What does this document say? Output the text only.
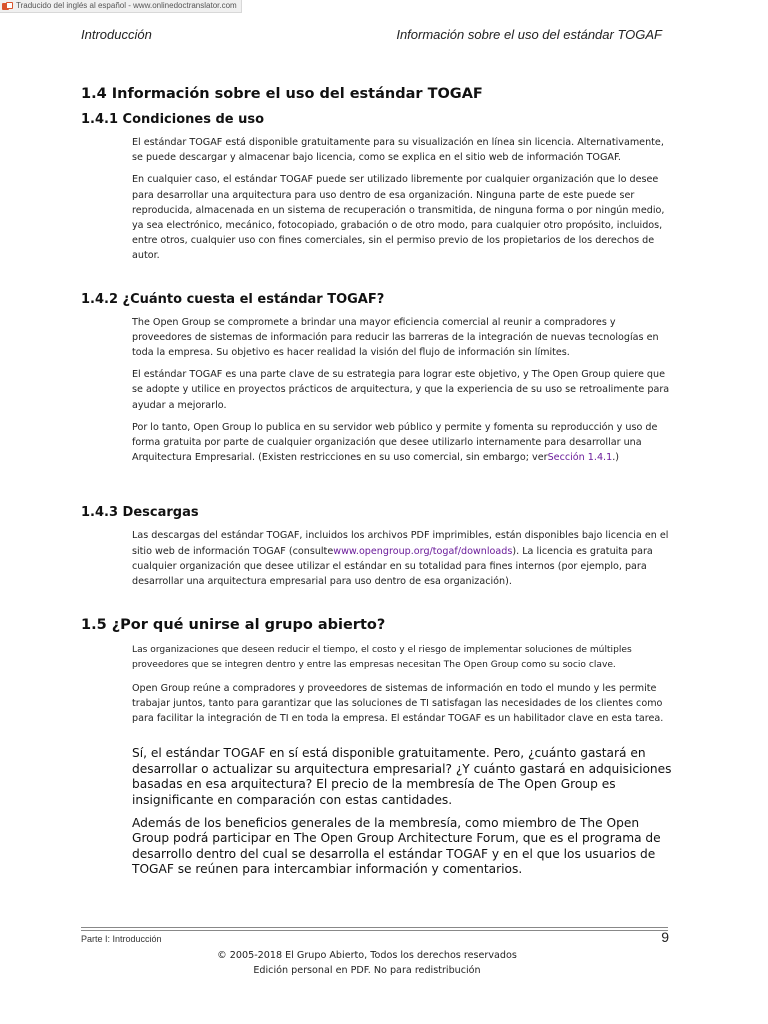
Traducido del inglés al español - www.onlinedoctranslator.com
Introducción	Información sobre el uso del estándar TOGAF
1.4 Información sobre el uso del estándar TOGAF
1.4.1 Condiciones de uso

El estándar TOGAF está disponible gratuitamente para su visualización en línea sin licencia. Alternativamente, se puede descargar y almacenar bajo licencia, como se explica en el sitio web de información TOGAF.

En cualquier caso, el estándar TOGAF puede ser utilizado libremente por cualquier organización que lo desee para desarrollar una arquitectura para uso dentro de esa organización. Ninguna parte de este puede ser reproducida, almacenada en un sistema de recuperación o transmitida, de ninguna forma o por ningún medio, ya sea electrónico, mecánico, fotocopiado, grabación o de otro modo, para cualquier otro propósito, incluidos, entre otros, cualquier uso con fines comerciales, sin el permiso previo de los propietarios de los derechos de autor.

1.4.2 ¿Cuánto cuesta el estándar TOGAF?

The Open Group se compromete a brindar una mayor eficiencia comercial al reunir a compradores y proveedores de sistemas de información para reducir las barreras de la integración de nuevas tecnologías en toda la empresa. Su objetivo es hacer realidad la visión del flujo de información sin límites.

El estándar TOGAF es una parte clave de su estrategia para lograr este objetivo, y The Open Group quiere que se adopte y utilice en proyectos prácticos de arquitectura, y que la experiencia de su uso se retroalimente para ayudar a mejorarlo.

Por lo tanto, Open Group lo publica en su servidor web público y permite y fomenta su reproducción y uso de forma gratuita por parte de cualquier organización que desee utilizarlo internamente para desarrollar una Arquitectura Empresarial. (Existen restricciones en su uso comercial, sin embargo; verSección 1.4.1.)

1.4.3 Descargas

Las descargas del estándar TOGAF, incluidos los archivos PDF imprimibles, están disponibles bajo licencia en el sitio web de información TOGAF (consultewww.opengroup.org/togaf/downloads). La licencia es gratuita para cualquier organización que desee utilizar el estándar en su totalidad para fines internos (por ejemplo, para desarrollar una arquitectura empresarial para uso dentro de esa organización).

1.5 ¿Por qué unirse al grupo abierto?

Las organizaciones que deseen reducir el tiempo, el costo y el riesgo de implementar soluciones de múltiples proveedores que se integren dentro y entre las empresas necesitan The Open Group como su socio clave.

Open Group reúne a compradores y proveedores de sistemas de información en todo el mundo y les permite trabajar juntos, tanto para garantizar que las soluciones de TI satisfagan las necesidades de los clientes como para facilitar la integración de TI en toda la empresa. El estándar TOGAF es un habilitador clave en esta tarea.

Sí, el estándar TOGAF en sí está disponible gratuitamente. Pero, ¿cuánto gastará en desarrollar o actualizar su arquitectura empresarial? ¿Y cuánto gastará en adquisiciones basadas en esa arquitectura? El precio de la membresía de The Open Group es insignificante en comparación con estas cantidades.

Además de los beneficios generales de la membresía, como miembro de The Open Group podrá participar en The Open Group Architecture Forum, que es el programa de desarrollo dentro del cual se desarrolla el estándar TOGAF y en el que los usuarios de TOGAF se reúnen para intercambiar información y comentarios.

Parte I: Introducción	9
© 2005-2018 El Grupo Abierto, Todos los derechos reservados
Edición personal en PDF. No para redistribución
